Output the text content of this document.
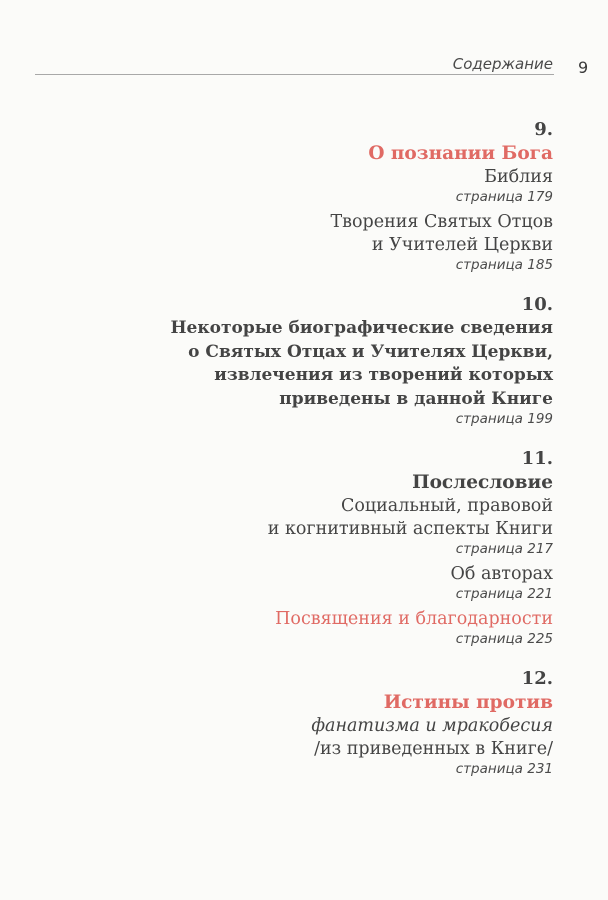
Содержание 9
9.
О познании Бога
Библия
страница 179
Творения Святых Отцов
и Учителей Церкви
страница 185
10.
Некоторые биографические сведения
о Святых Отцах и Учителях Церкви,
извлечения из творений которых
приведены в данной Книге
страница 199
11.
Послесловие
Социальный, правовой
и когнитивный аспекты Книги
страница 217
Об авторах
страница 221
Посвящения и благодарности
страница 225
12.
Истины против
фанатизма и мракобесия
/из приведенных в Книге/
страница 231
